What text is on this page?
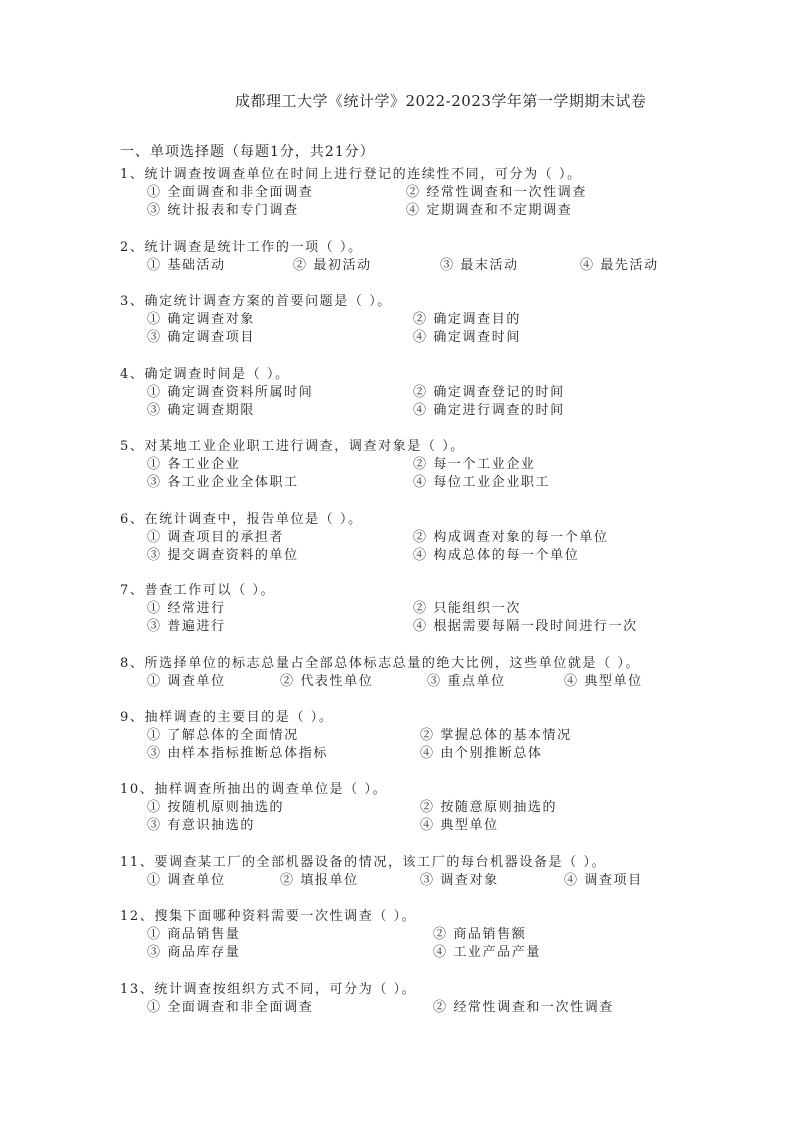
成都理工大学《统计学》2022-2023学年第一学期期末试卷
一、单项选择题（每题1分，共21分）
1、统计调查按调查单位在时间上进行登记的连续性不同，可分为（ ）。
① 全面调查和非全面调查	② 经常性调查和一次性调查
③ 统计报表和专门调查	④ 定期调查和不定期调查
2、统计调查是统计工作的一项（ ）。
① 基础活动	② 最初活动	③ 最末活动	④ 最先活动
3、确定统计调查方案的首要问题是（ ）。
① 确定调查对象	② 确定调查目的
③ 确定调查项目	④ 确定调查时间
4、确定调查时间是（ ）。
① 确定调查资料所属时间	② 确定调查登记的时间
③ 确定调查期限	④ 确定进行调查的时间
5、对某地工业企业职工进行调查，调查对象是（ ）。
① 各工业企业	② 每一个工业企业
③ 各工业企业全体职工	④ 每位工业企业职工
6、在统计调查中，报告单位是（ ）。
① 调查项目的承担者	② 构成调查对象的每一个单位
③ 提交调查资料的单位	④ 构成总体的每一个单位
7、普查工作可以（ ）。
① 经常进行	② 只能组织一次
③ 普遍进行	④ 根据需要每隔一段时间进行一次
8、所选择单位的标志总量占全部总体标志总量的绝大比例，这些单位就是（ ）。
① 调查单位	② 代表性单位	③ 重点单位	④ 典型单位
9、抽样调查的主要目的是（ ）。
① 了解总体的全面情况	② 掌握总体的基本情况
③ 由样本指标推断总体指标	④ 由个别推断总体
10、抽样调查所抽出的调查单位是（ ）。
① 按随机原则抽选的	② 按随意原则抽选的
③ 有意识抽选的	④ 典型单位
11、要调查某工厂的全部机器设备的情况，该工厂的每台机器设备是（ ）。
① 调查单位	② 填报单位	③ 调查对象	④ 调查项目
12、搜集下面哪种资料需要一次性调查（ ）。
① 商品销售量	② 商品销售额
③ 商品库存量	④ 工业产品产量
13、统计调查按组织方式不同，可分为（ ）。
① 全面调查和非全面调查	② 经常性调查和一次性调查
